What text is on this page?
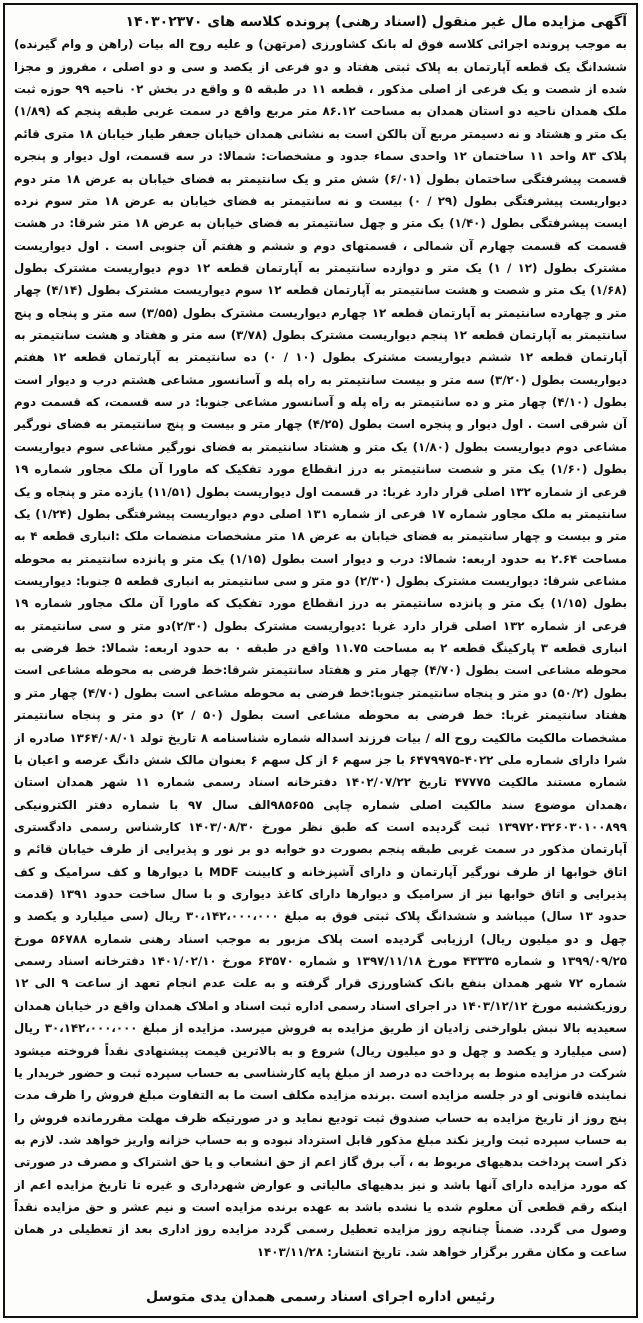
آگهی مزایده مال غیر منقول (اسناد رهنی) پرونده کلاسه های ۱۴۰۳۰۲۳۷۰

به موجب پرونده اجرائی کلاسه فوق له بانک کشاورزی (مرتهن) و علیه روح اله بیات (راهن و وام گیرنده) ششدانگ یک قطعه آپارتمان به پلاک ثبتی هفتاد و دو فرعی از یکصد و سی و دو اصلی ، مفروز و مجزا شده از شصت و یک فرعی از اصلی مذکور ، قطعه ۱۱ در طبقه ۵ و واقع در بخش ۰۲ ناحیه ۹۹ حوزه ثبت ملک همدان ناحیه دو استان همدان به مساحت ۸۶.۱۲ متر مربع واقع در سمت غربی طبقه پنجم که (۱/۸۹) یک متر و هشتاد و نه دسیمتر مربع آن بالکن است به نشانی همدان خیابان جعفر طیار خیابان ۱۸ متری قائم پلاک ۸۳ واحد ۱۱ ساختمان ۱۲ واحدی سماء جدود و مشخصات: شمالا: در سه قسمت، اول دیوار و پنجره قسمت پیشرفتگی ساختمان بطول (۶/۰۱) شش متر و یک سانتیمتر به فضای خیابان به عرض ۱۸ متر دوم دیواریست پیشرفتگی بطول (۲۹ / ۰) بیست و نه سانتیمتر به فضای خیابان به عرض ۱۸ متر سوم نرده ایست پیشرفتگی بطول (۱/۴۰) یک متر و چهل سانتیمتر به فضای خیابان به عرض ۱۸ متر شرقا: در هشت قسمت که قسمت چهارم آن شمالی ، قسمتهای دوم و ششم و هفتم آن جنوبی است . اول دیواریست مشترک بطول (۱۲ / ۱) یک متر و دوازده سانتیمتر به آپارتمان قطعه ۱۲ دوم دیواریست مشترک بطول (۱/۶۸) یک متر و شصت و هشت سانتیمتر به آپارتمان قطعه ۱۲ سوم دیواریست مشترک بطول (۴/۱۴) چهار متر و چهارده سانتیمتر به آپارتمان قطعه ۱۲ چهارم دیواریست مشترک بطول (۳/۵۵) سه متر و پنجاه و پنج سانتیمتر به آپارتمان قطعه ۱۲ پنجم دیواریست مشترک بطول (۳/۷۸) سه متر و هفتاد و هشت سانتیمتر به آپارتمان قطعه ۱۲ ششم دیواریست مشترک بطول (۱۰ / ۰) ده سانتیمتر به آپارتمان قطعه ۱۲ هفتم دیواریست بطول (۳/۲۰) سه متر و بیست سانتیمتر به راه پله و آسانسور مشاعی هشتم درب و دیوار است بطول (۴/۱۰) چهار متر و ده سانتیمتر به راه پله و آسانسور مشاعی جنوبا: در سه قسمت، که قسمت دوم آن شرقی است . اول دیوار و پنجره است بطول (۴/۲۵) چهار متر و بیست و پنج سانتیمتر به فضای نورگیر مشاعی دوم دیواریست بطول (۱/۸۰) یک متر و هشتاد سانتیمتر به فضای نورگیر مشاعی سوم دیواریست بطول (۱/۶۰) یک متر و شصت سانتیمتر به درز انقطاع مورد تفکیک که ماورا آن ملک مجاور شماره ۱۹ فرعی از شماره ۱۳۲ اصلی قرار دارد غربا: در قسمت اول دیواریست بطول (۱۱/۵۱) یازده متر و پنجاه و یک سانتیمتر به ملک مجاور شماره ۱۷ فرعی از شماره ۱۳۱ اصلی دوم دیواریست پیشرفتگی بطول (۱/۲۴) یک متر و بیست و چهار سانتیمتر به فضای خیابان به عرض ۱۸ متر مشخصات منضمات ملک :انباری قطعه ۴ به مساحت ۲.۶۴ به حدود اربعه: شمالا: درب و دیوار است بطول (۱/۱۵) یک متر و پانزده سانتیمتر به محوطه مشاعی شرقا: دیواریست مشترک بطول (۲/۳۰) دو متر و سی سانتیمتر به انباری قطعه ۵ جنوبا: دیواریست بطول (۱/۱۵) یک متر و پانزده سانتیمتر به درز انقطاع مورد تفکیک که ماورا آن ملک مجاور شماره ۱۹ فرعی از شماره ۱۳۲ اصلی قرار دارد غربا :دیواریست مشترک بطول (۲/۳۰)دو متر و سی سانتیمتر به انباری قطعه ۳ پارکینگ قطعه ۲ به مساحت ۱۱.۷۵ واقع در طبقه ۰ به حدود اربعه: شمالا: خط فرضی به محوطه مشاعی است بطول (۴/۷۰) چهار متر و هفتاد سانتیمتر شرقا:خط فرضی به محوطه مشاعی است بطول (۵۰/۲) دو متر و پنجاه سانتیمتر جنوبا:خط فرضی به محوطه مشاعی است بطول (۴/۷۰) چهار متر و هفتاد سانتیمتر غربا: خط فرضی به محوطه مشاعی است بطول (۵۰ / ۲) دو متر و پنجاه سانتیمتر مشخصات مالکیت مالکیت روح اله / بیات فرزند اسداله شماره شناسنامه ۸ تاریخ تولد ۱۳۶۴/۰۸/۰۱ صادره از شرا دارای شماره ملی ۴۰۲۲-۶۴۷۹۹۷۵ با جز سهم ۶ از کل سهم ۶ بعنوان مالک شش دانگ عرصه و اعیان با شماره مستند مالکیت ۴۷۷۷۵ تاریخ ۱۴۰۲/۰۷/۲۲ دفترخانه اسناد رسمی شماره ۱۱ شهر همدان استان ،همدان موضوع سند مالکیت اصلی شماره چاپی ۹۸۵۶۵۵الف سال ۹۷ با شماره دفتر الکترونیکی ۱۳۹۷۲۰۳۲۶۰۳۰۱۰۰۸۹۹ ثبت گردیده است که طبق نظر مورخ ۱۴۰۳/۰۸/۳۰ کارشناس رسمی دادگستری آپارتمان مذکور در سمت غربی طبقه پنجم بصورت دو خوابه دو بر نور و پذیرایی از طرف خیابان قائم و اتاق خوابها از طرف نورگیر آپارتمان و دارای آشپزخانه و کابینت MDF با دیوارها و کف سرامیک و کف پذیرایی و اتاق خوابها نیز از سرامیک و دیوارها دارای کاغذ دیواری و با سال ساخت حدود ۱۳۹۱ (قدمت حدود ۱۳ سال) میباشد و ششدانگ پلاک ثبتی فوق به مبلغ ۳۰،۱۴۲،۰۰۰،۰۰۰ ریال (سی میلیارد و یکصد و چهل و دو میلیون ریال) ارزیابی گردیده است پلاک مزبور به موجب اسناد رهنی شماره ۵۶۷۸۸ مورخ ۱۳۹۹/۰۹/۲۵ و شماره ۴۳۳۳۵ مورخ ۱۳۹۷/۱۱/۱۸ و شماره ۶۳۵۷۰ مورخ ۱۴۰۱/۰۲/۱۰ دفترخانه اسناد رسمی شماره ۷۲ شهر همدان بنفع بانک کشاورزی قرار گرفته و به علت عدم انجام تعهد از ساعت ۹ الی ۱۲ روزیکشنبه مورخ ۱۴۰۳/۱۲/۱۲ در اجرای اسناد رسمی اداره ثبت اسناد و املاک همدان واقع در خیابان همدان سعیدیه بالا نبش بلوارخنی زادیان از طریق مزایده به فروش میرسد. مزایده از مبلغ ۳۰،۱۴۲،۰۰۰،۰۰۰ ریال (سی میلیارد و یکصد و چهل و دو میلیون ریال) شروع و به بالاترین قیمت پیشنهادی نقداً فروخته میشود شرکت در مزایده منوط به پرداخت ده درصد از مبلغ پایه کارشناسی به حساب سپرده ثبت و حضور خریدار یا نماینده قانونی او در جلسه مزایده است .برنده مزایده مکلف است ما به التفاوت مبلغ فروش را ظرف مدت پنج روز از تاریخ مزایده به حساب صندوق ثبت تودیع نماید و در صورتیکه ظرف مهلت مقررمانده فروش را به حساب سپرده ثبت واریز نکند مبلغ مذکور قابل استرداد نبوده و به حساب خزانه واریز خواهد شد. لازم به ذکر است پرداخت بدهیهای مربوط به ، آب برق گاز اعم از حق انشعاب و یا حق اشتراک و مصرف در صورتی که مورد مزایده دارای آنها باشد و نیز بدهیهای مالیاتی و عوارض شهرداری و غیره تا تاریخ مزایده اعم از اینکه رقم قطعی آن معلوم شده یا نشده باشد به عهده برنده مزایده است و نیم عشر و حق مزایده نقداً وصول می گردد. ضمناً چنانچه روز مزایده تعطیل رسمی گردد مزایده روز اداری بعد از تعطیلی در همان ساعت و مکان مقرر برگزار خواهد شد. تاریخ انتشار: ۱۴۰۳/۱۱/۲۸

رئیس اداره اجرای اسناد رسمی همدان یدی متوسل
